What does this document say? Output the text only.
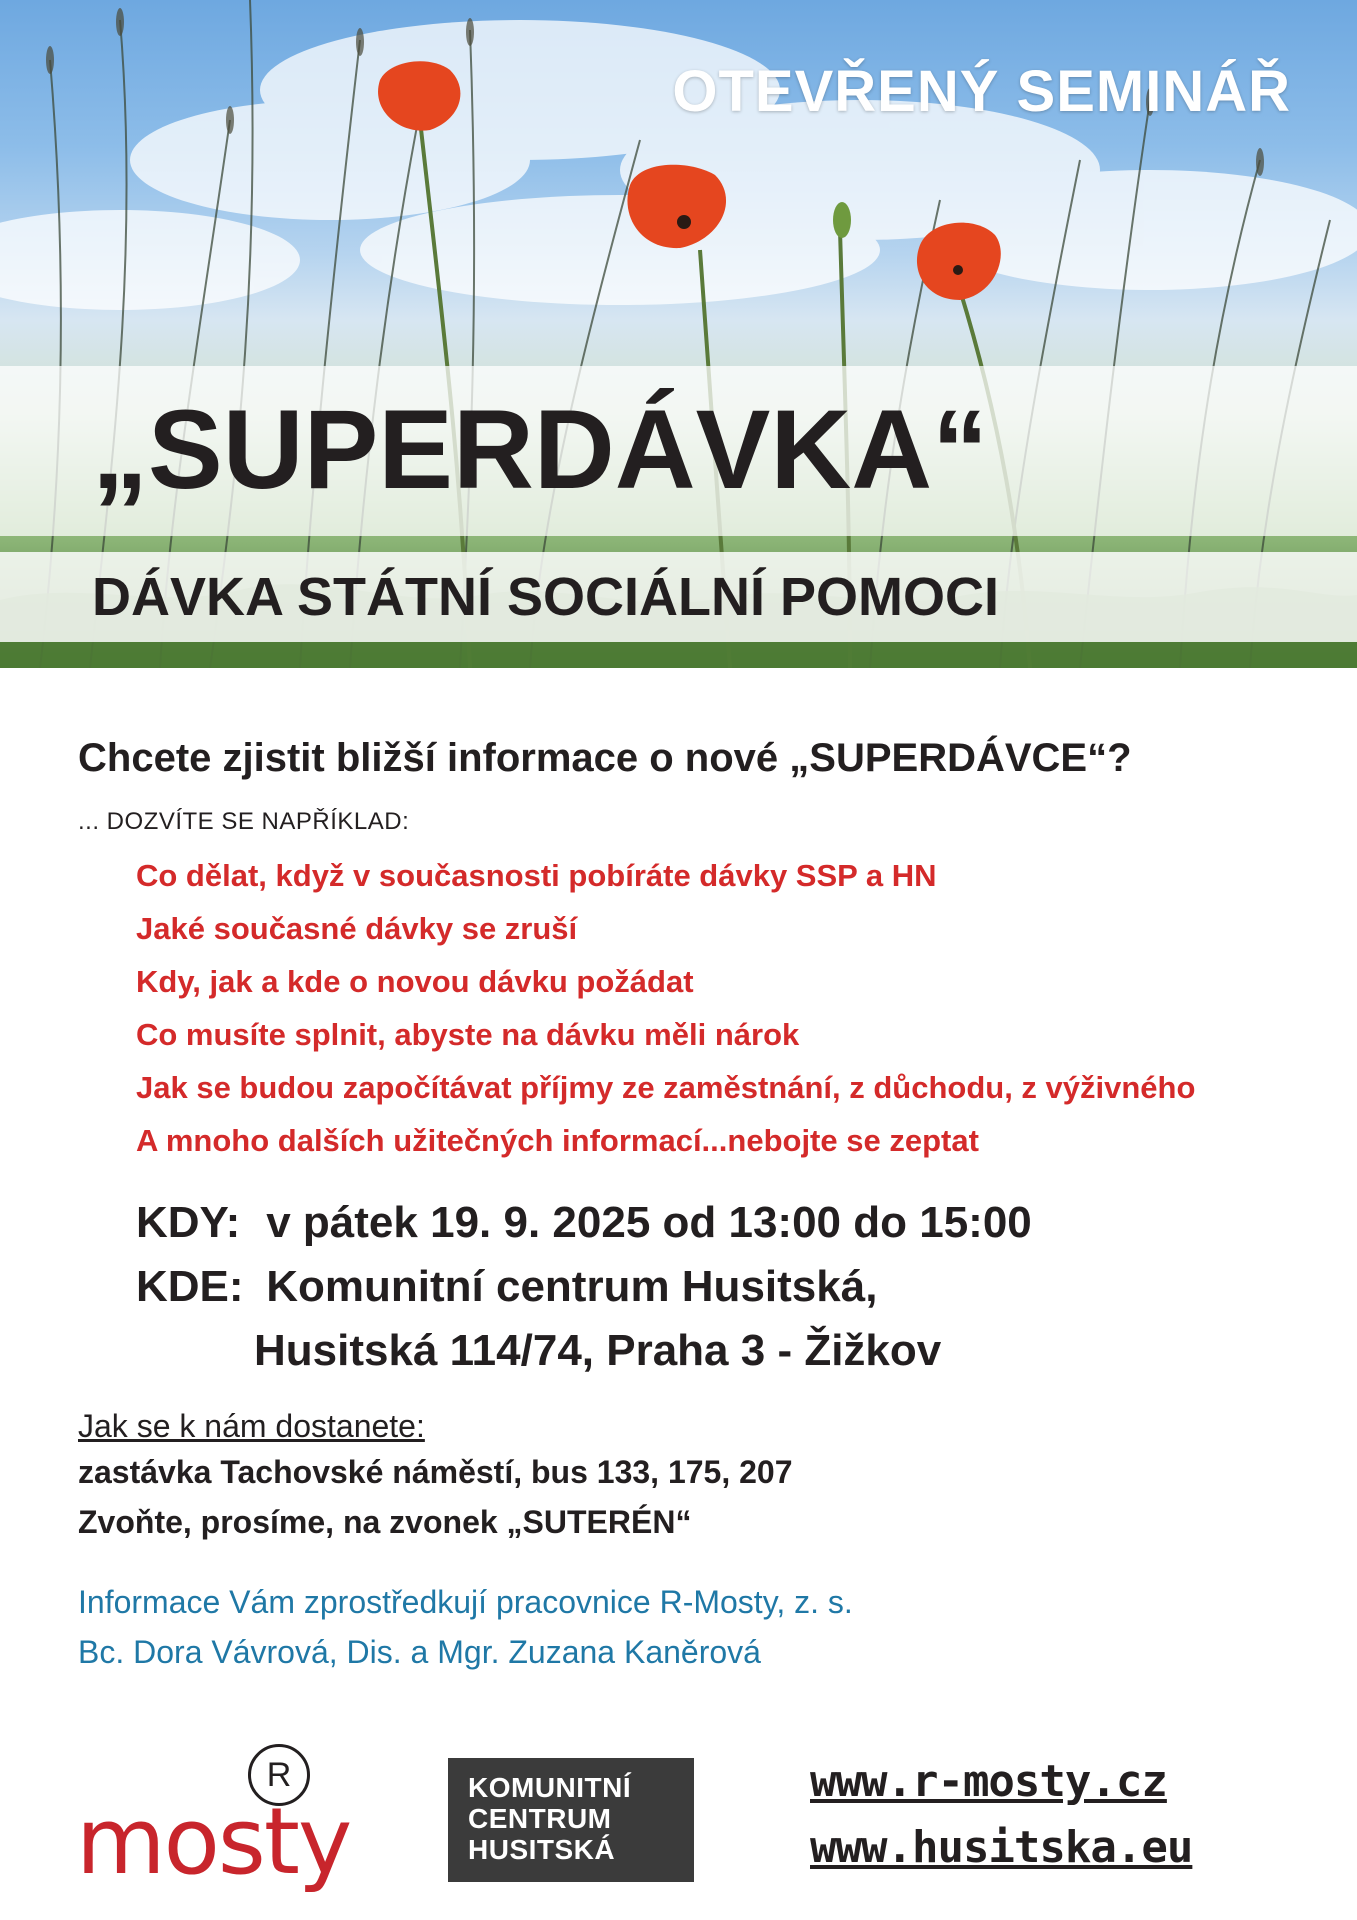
OTEVŘENÝ SEMINÁŘ
„SUPERDÁVKA“
DÁVKA STÁTNÍ SOCIÁLNÍ POMOCI
Chcete zjistit bližší informace o nové „SUPERDÁVCE“?
... DOZVÍTE SE NAPŘÍKLAD:
Co dělat, když v současnosti pobíráte dávky SSP a HN
Jaké současné dávky se zruší
Kdy, jak a kde o novou dávku požádat
Co musíte splnit, abyste na dávku měli nárok
Jak se budou započítávat příjmy ze zaměstnání, z důchodu, z výživného
A mnoho dalších užitečných informací...nebojte se zeptat
KDY: v pátek 19. 9. 2025 od 13:00 do 15:00
KDE: Komunitní centrum Husitská,
Husitská 114/74, Praha 3 - Žižkov
Jak se k nám dostanete:
zastávka Tachovské náměstí, bus 133, 175, 207
Zvoňte, prosíme, na zvonek „SUTERÉN“
Informace Vám zprostředkují pracovnice R-Mosty, z. s.
Bc. Dora Vávrová, Dis. a Mgr. Zuzana Kaněrová
mosty
R	KOMUNITNÍ
CENTRUM
HUSITSKÁ
www.r-mosty.cz
www.husitska.eu
